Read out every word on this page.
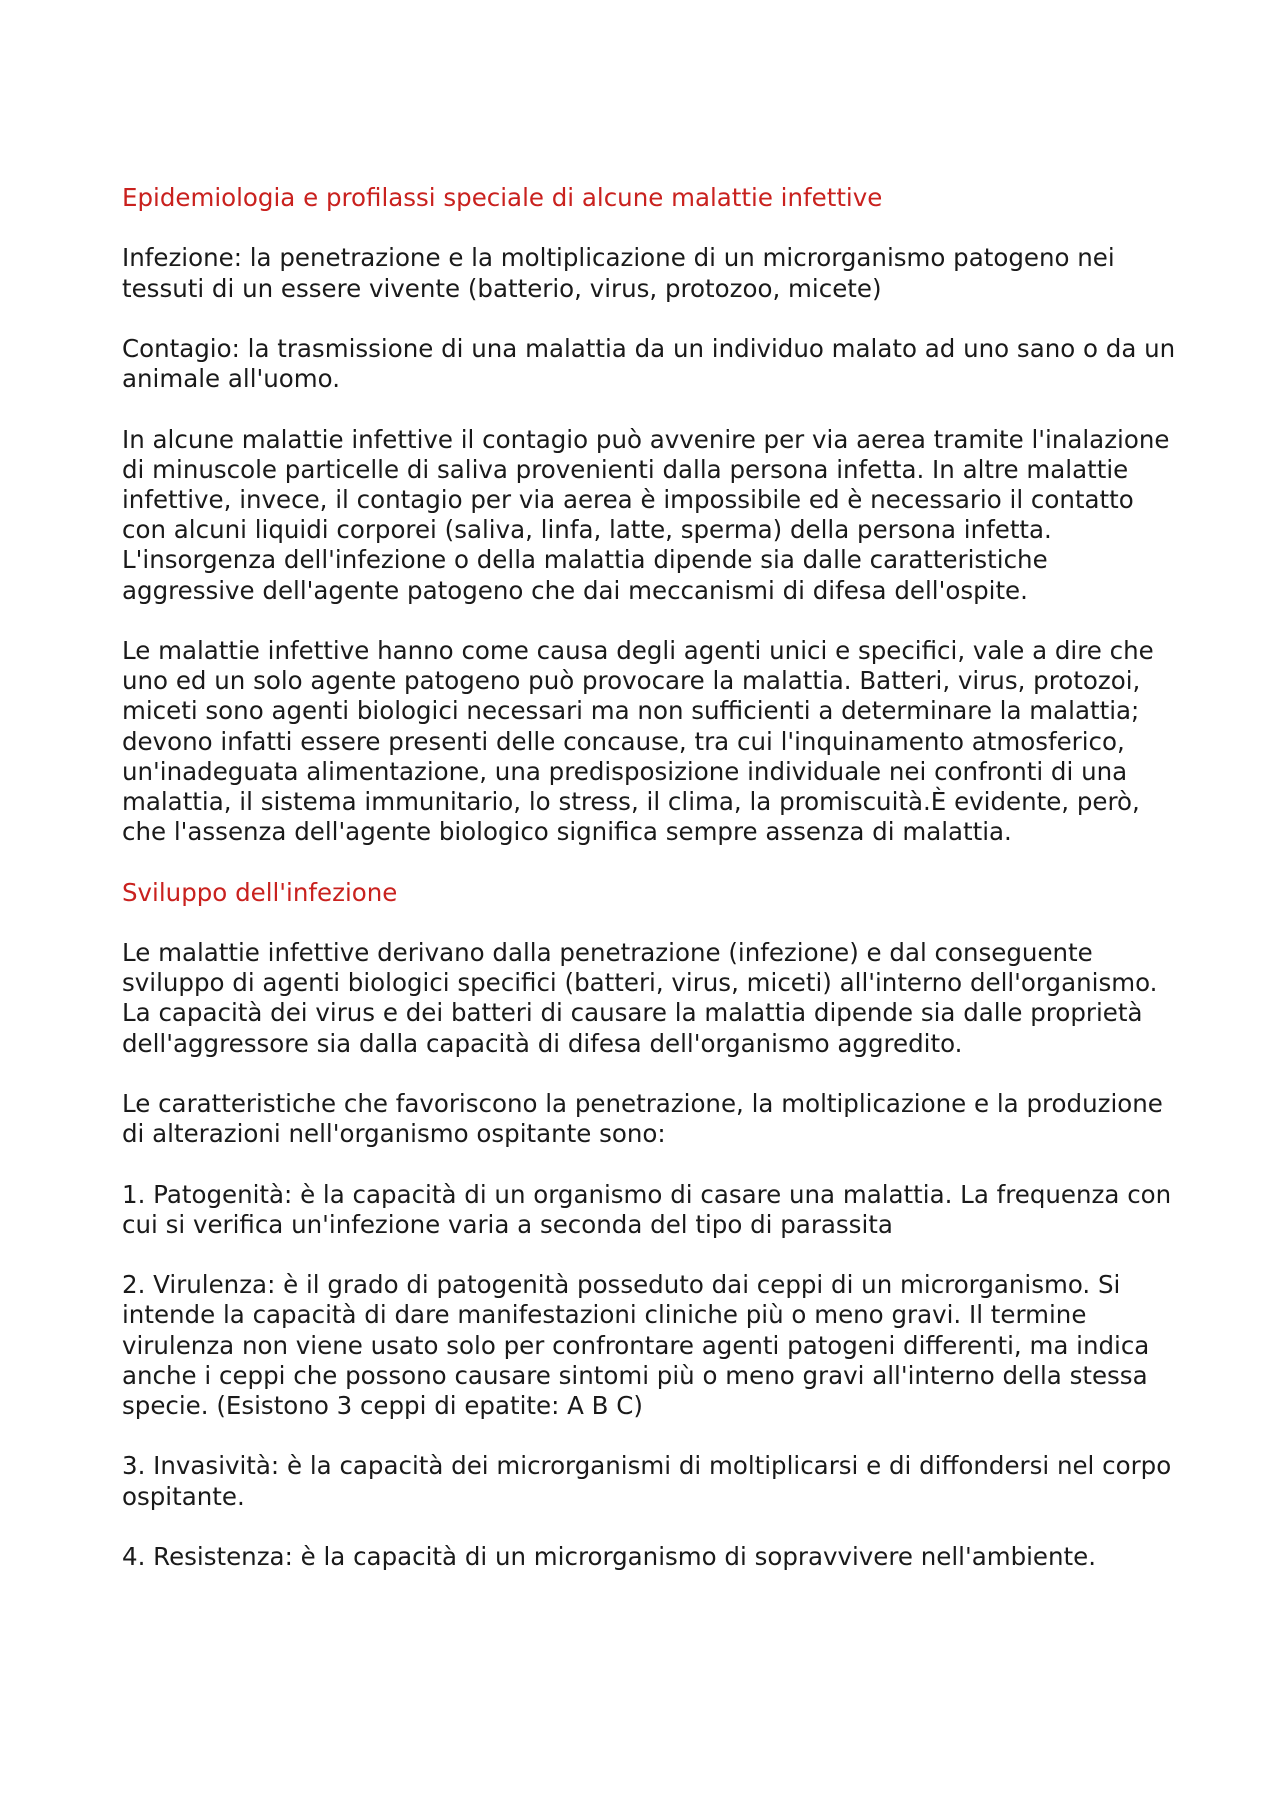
Epidemiologia e profilassi speciale di alcune malattie infettive

Infezione: la penetrazione e la moltiplicazione di un microrganismo patogeno nei tessuti di un essere vivente (batterio, virus, protozoo, micete)

Contagio: la trasmissione di una malattia da un individuo malato ad uno sano o da un animale all'uomo.

In alcune malattie infettive il contagio può avvenire per via aerea tramite l'inalazione di minuscole particelle di saliva provenienti dalla persona infetta. In altre malattie infettive, invece, il contagio per via aerea è impossibile ed è necessario il contatto con alcuni liquidi corporei (saliva, linfa, latte, sperma) della persona infetta. L'insorgenza dell'infezione o della malattia dipende sia dalle caratteristiche aggressive dell'agente patogeno che dai meccanismi di difesa dell'ospite.

Le malattie infettive hanno come causa degli agenti unici e specifici, vale a dire che uno ed un solo agente patogeno può provocare la malattia. Batteri, virus, protozoi, miceti sono agenti biologici necessari ma non sufficienti a determinare la malattia; devono infatti essere presenti delle concause, tra cui l'inquinamento atmosferico, un'inadeguata alimentazione, una predisposizione individuale nei confronti di una malattia, il sistema immunitario, lo stress, il clima, la promiscuità.È evidente, però, che l'assenza dell'agente biologico significa sempre assenza di malattia.

Sviluppo dell'infezione

Le malattie infettive derivano dalla penetrazione (infezione) e dal conseguente sviluppo di agenti biologici specifici (batteri, virus, miceti) all'interno dell'organismo. La capacità dei virus e dei batteri di causare la malattia dipende sia dalle proprietà dell'aggressore sia dalla capacità di difesa dell'organismo aggredito.

Le caratteristiche che favoriscono la penetrazione, la moltiplicazione e la produzione di alterazioni nell'organismo ospitante sono:

1. Patogenità: è la capacità di un organismo di casare una malattia. La frequenza con cui si verifica un'infezione varia a seconda del tipo di parassita

2. Virulenza: è il grado di patogenità posseduto dai ceppi di un microrganismo. Si intende la capacità di dare manifestazioni cliniche più o meno gravi. Il termine virulenza non viene usato solo per confrontare agenti patogeni differenti, ma indica anche i ceppi che possono causare sintomi più o meno gravi all'interno della stessa specie. (Esistono 3 ceppi di epatite: A B C)

3. Invasività: è la capacità dei microrganismi di moltiplicarsi e di diffondersi nel corpo ospitante.

4. Resistenza: è la capacità di un microrganismo di sopravvivere nell'ambiente.
